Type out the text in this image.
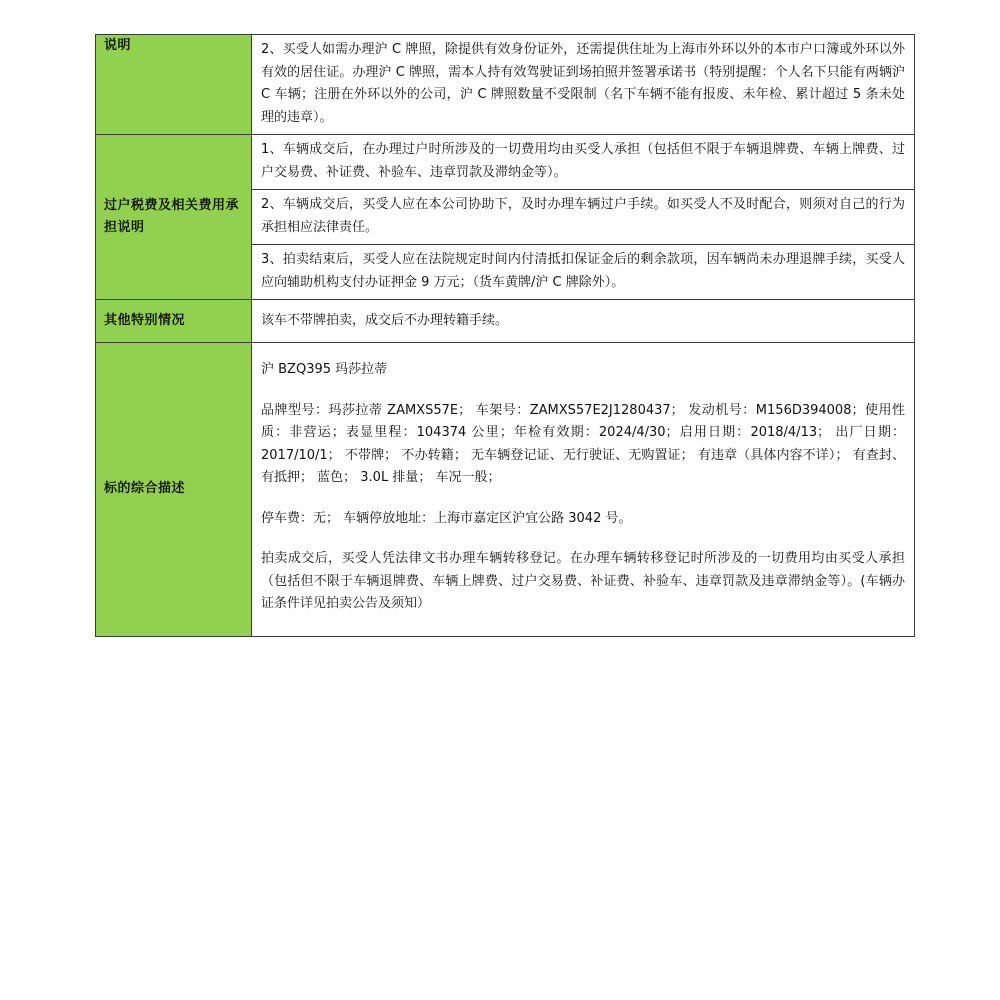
说明	2、买受人如需办理沪 C 牌照，除提供有效身份证外，还需提供住址为上海市外环以外的本市户口簿或外环以外有效的居住证。办理沪 C 牌照，需本人持有效驾驶证到场拍照并签署承诺书（特别提醒：个人名下只能有两辆沪 C 车辆；注册在外环以外的公司，沪 C 牌照数量不受限制（名下车辆不能有报废、未年检、累计超过 5 条未处理的违章）。

过户税费及相关费用承担说明	1、车辆成交后，在办理过户时所涉及的一切费用均由买受人承担（包括但不限于车辆退牌费、车辆上牌费、过户交易费、补证费、补验车、违章罚款及滞纳金等）。

	2、车辆成交后，买受人应在本公司协助下，及时办理车辆过户手续。如买受人不及时配合，则须对自己的行为承担相应法律责任。

	3、拍卖结束后，买受人应在法院规定时间内付清抵扣保证金后的剩余款项，因车辆尚未办理退牌手续，买受人应向辅助机构支付办证押金 9 万元；（货车黄牌/沪 C 牌除外）。

其他特别情况	该车不带牌拍卖，成交后不办理转籍手续。

标的综合描述	沪 BZQ395 玛莎拉蒂

品牌型号：玛莎拉蒂 ZAMXS57E； 车架号：ZAMXS57E2J1280437； 发动机号：M156D394008；使用性质：非营运；表显里程：104374 公里；年检有效期：2024/4/30；启用日期：2018/4/13； 出厂日期：2017/10/1； 不带牌； 不办转籍； 无车辆登记证、无行驶证、无购置证； 有违章（具体内容不详）； 有查封、有抵押； 蓝色； 3.0L 排量； 车况一般；

停车费：无； 车辆停放地址：上海市嘉定区沪宜公路 3042 号。

拍卖成交后，买受人凭法律文书办理车辆转移登记。在办理车辆转移登记时所涉及的一切费用均由买受人承担（包括但不限于车辆退牌费、车辆上牌费、过户交易费、补证费、补验车、违章罚款及违章滞纳金等）。(车辆办证条件详见拍卖公告及须知）
